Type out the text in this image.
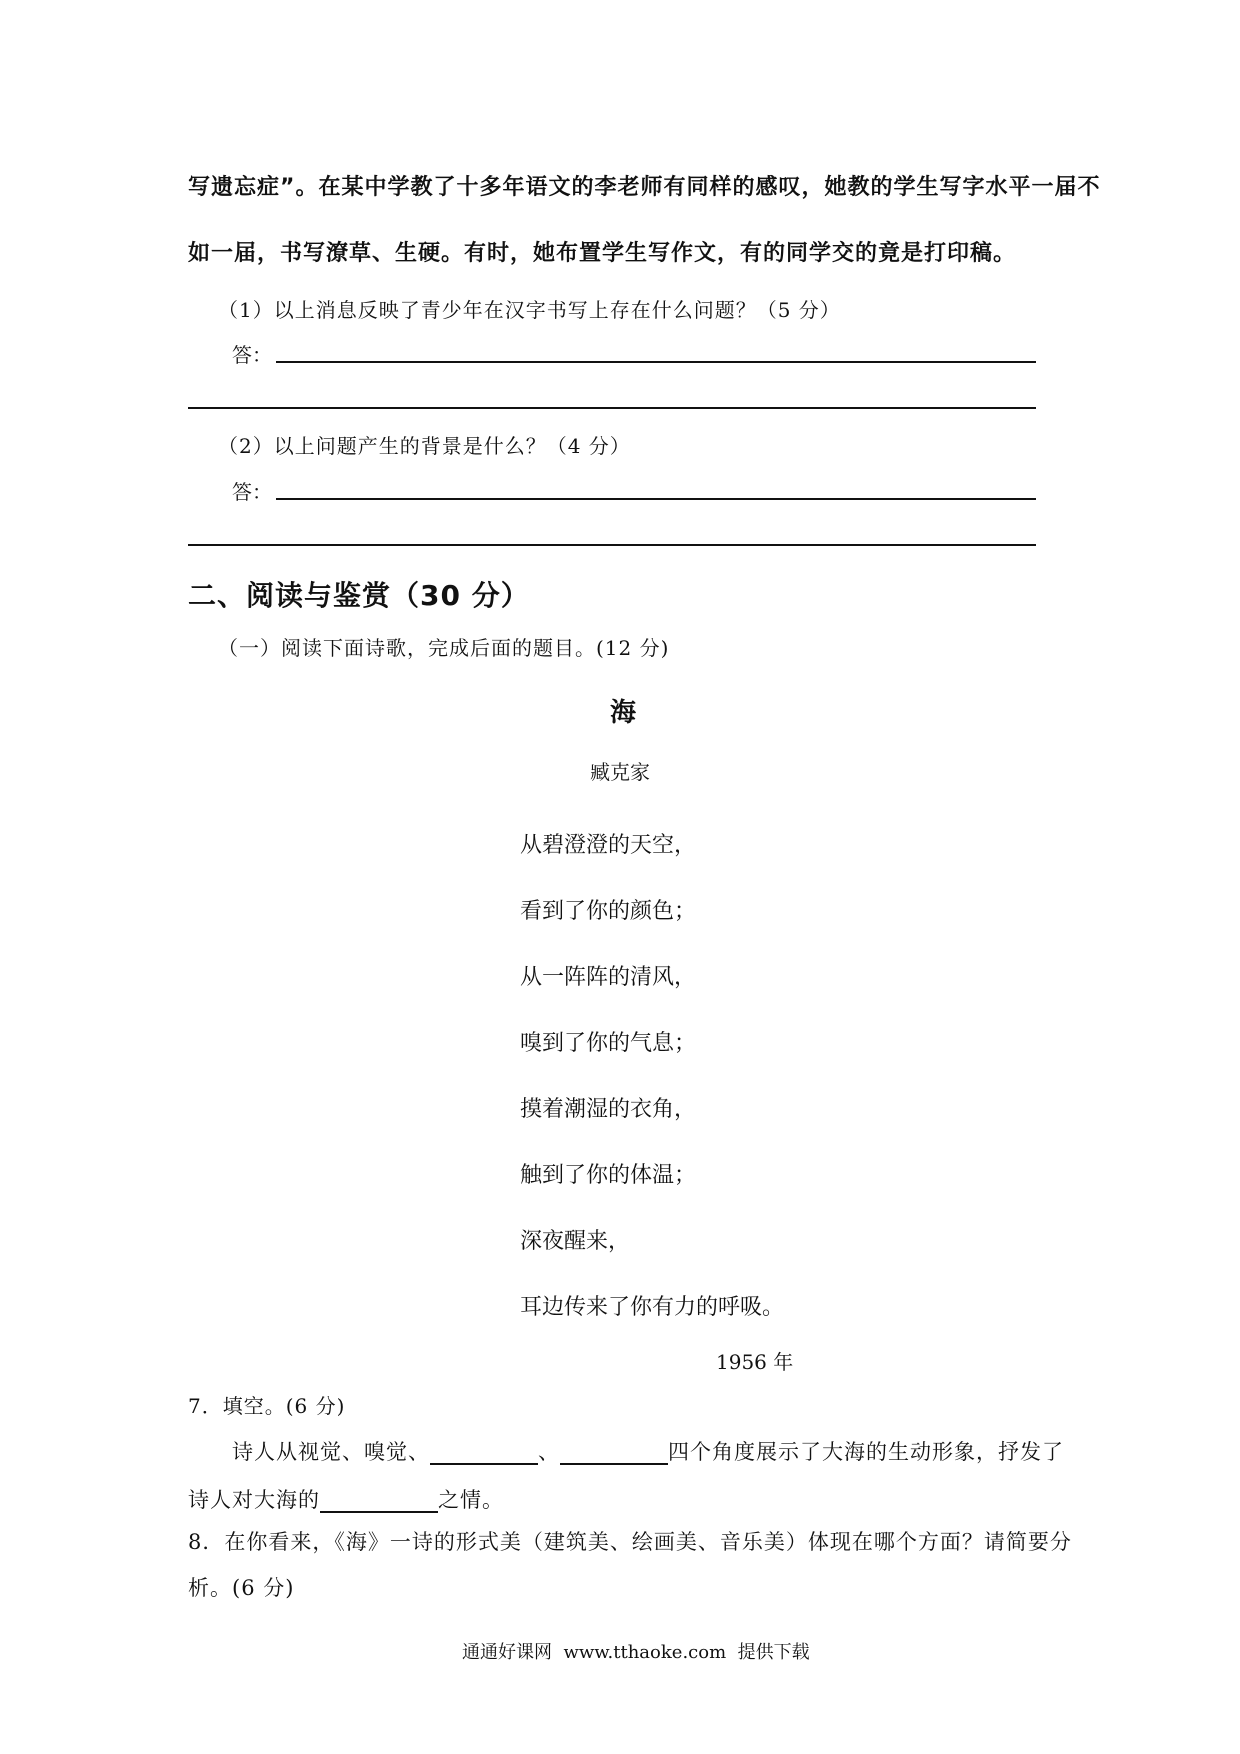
写遗忘症”。在某中学教了十多年语文的李老师有同样的感叹，她教的学生写字水平一届不
如一届，书写潦草、生硬。有时，她布置学生写作文，有的同学交的竟是打印稿。
（1）以上消息反映了青少年在汉字书写上存在什么问题？（5 分）
答：
（2）以上问题产生的背景是什么？（4 分）
答：
二、阅读与鉴赏（30 分）
（一）阅读下面诗歌，完成后面的题目。(12 分)
海
臧克家
从碧澄澄的天空，
看到了你的颜色；
从一阵阵的清风，
嗅到了你的气息；
摸着潮湿的衣角，
触到了你的体温；
深夜醒来，
耳边传来了你有力的呼吸。
1956 年
7．填空。(6 分)
诗人从视觉、嗅觉、	、	四个角度展示了大海的生动形象，抒发了
诗人对大海的	之情。
8．在你看来，《海》一诗的形式美（建筑美、绘画美、音乐美）体现在哪个方面？请简要分
析。(6 分)
通通好课网  www.tthaoke.com  提供下载
